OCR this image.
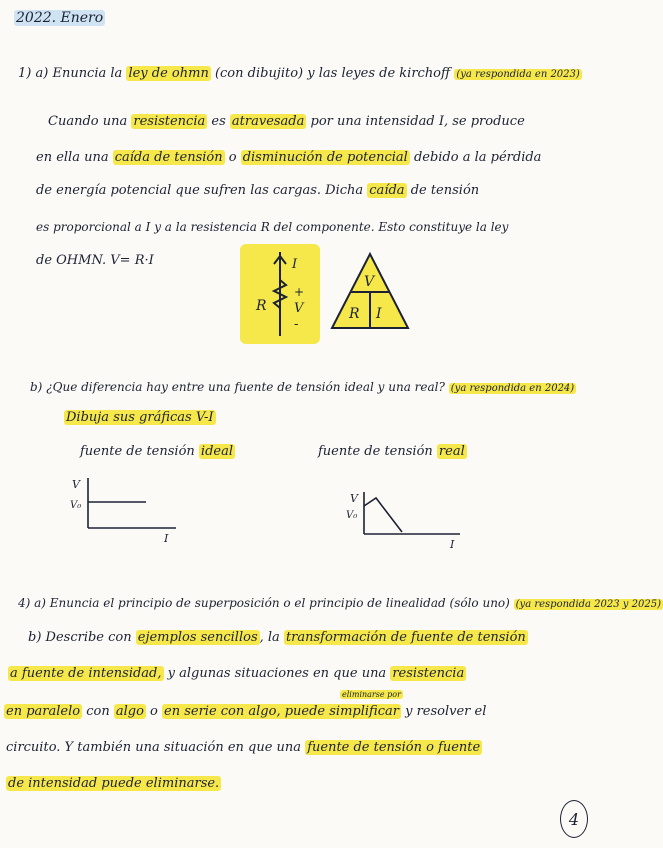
2022. Enero
1) a) Enuncia la ley de ohmn (con dibujito) y las leyes de kirchoff (ya respondida en 2023)
Cuando una resistencia es atravesada por una intensidad I, se produce
en ella una caída de tensión o disminución de potencial debido a la pérdida
de energía potencial que sufren las cargas. Dicha caída de tensión
es proporcional a I y a la resistencia R del componente. Esto constituye la ley
de OHMN. V= R·I	I
R
+
V
-
V
R I
b) ¿Que diferencia hay entre una fuente de tensión ideal y una real? (ya respondida en 2024)
Dibuja sus gráficas V-I
fuente de tensión ideal	fuente de tensión real
V
V₀
I
V
V₀
I
4) a) Enuncia el principio de superposición o el principio de linealidad (sólo uno) (ya respondida 2023 y 2025)
b) Describe con ejemplos sencillos , la transformación de fuente de tensión
a fuente de intensidad, y algunas situaciones en que una resistencia
eliminarse por
en paralelo con algo o en serie con algo, puede simplificar y resolver el
circuito. Y también una situación en que una fuente de tensión o fuente
de intensidad puede eliminarse.
4
